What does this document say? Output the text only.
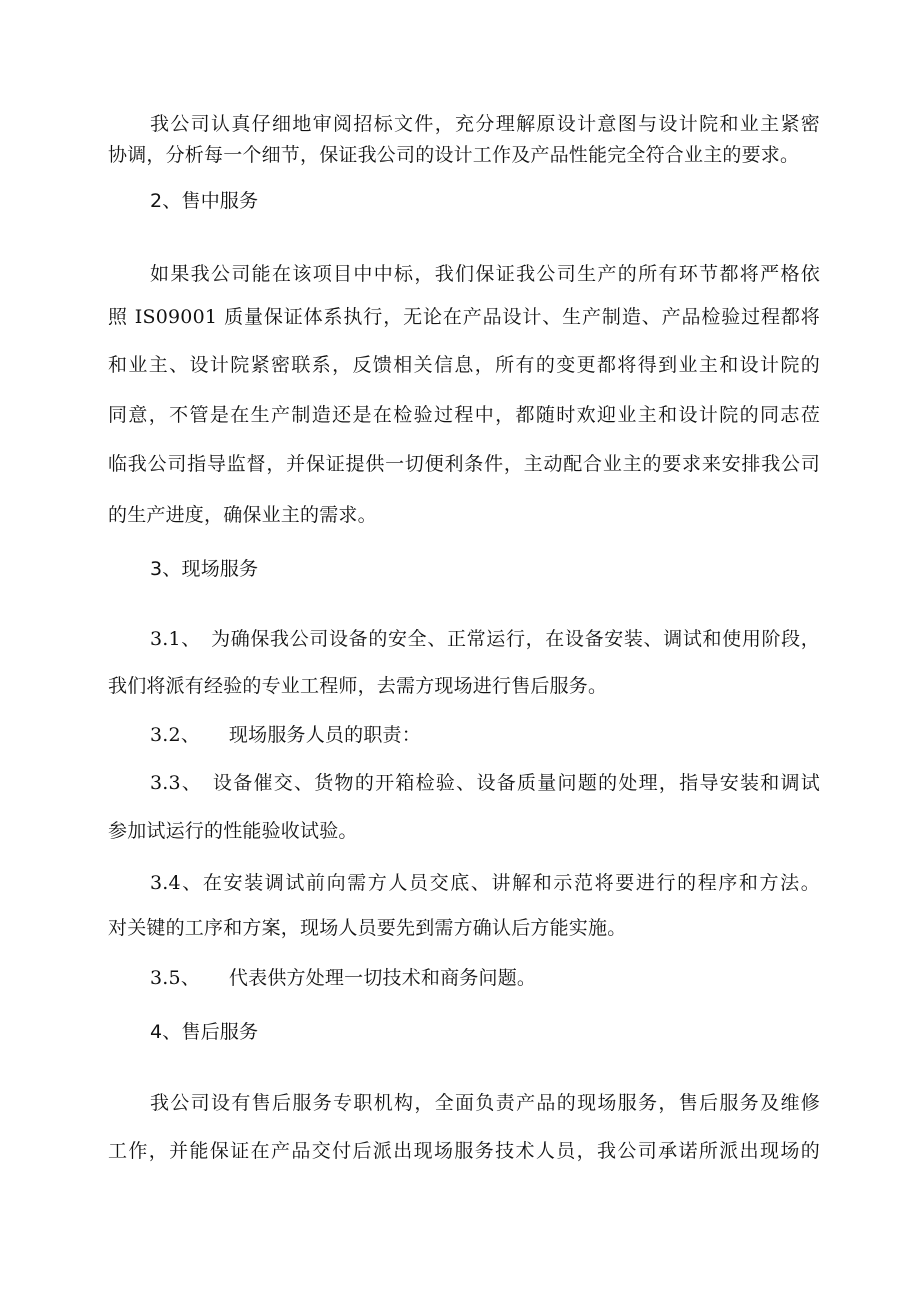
我公司认真仔细地审阅招标文件，充分理解原设计意图与设计院和业主紧密
协调，分析每一个细节，保证我公司的设计工作及产品性能完全符合业主的要求。
2、售中服务
如果我公司能在该项目中中标，我们保证我公司生产的所有环节都将严格依
照 IS09001 质量保证体系执行，无论在产品设计、生产制造、产品检验过程都将
和业主、设计院紧密联系，反馈相关信息，所有的变更都将得到业主和设计院的
同意，不管是在生产制造还是在检验过程中，都随时欢迎业主和设计院的同志莅
临我公司指导监督，并保证提供一切便利条件，主动配合业主的要求来安排我公司
的生产进度，确保业主的需求。
3、现场服务
3.1、　为确保我公司设备的安全、正常运行，在设备安装、调试和使用阶段，
我们将派有经验的专业工程师，去需方现场进行售后服务。
3.2、　　现场服务人员的职责：
3.3、　设备催交、货物的开箱检验、设备质量问题的处理，指导安装和调试
参加试运行的性能验收试验。
3.4、在安装调试前向需方人员交底、讲解和示范将要进行的程序和方法。
对关键的工序和方案，现场人员要先到需方确认后方能实施。
3.5、　　代表供方处理一切技术和商务问题。
4、售后服务
我公司设有售后服务专职机构，全面负责产品的现场服务，售后服务及维修
工作，并能保证在产品交付后派出现场服务技术人员，我公司承诺所派出现场的
